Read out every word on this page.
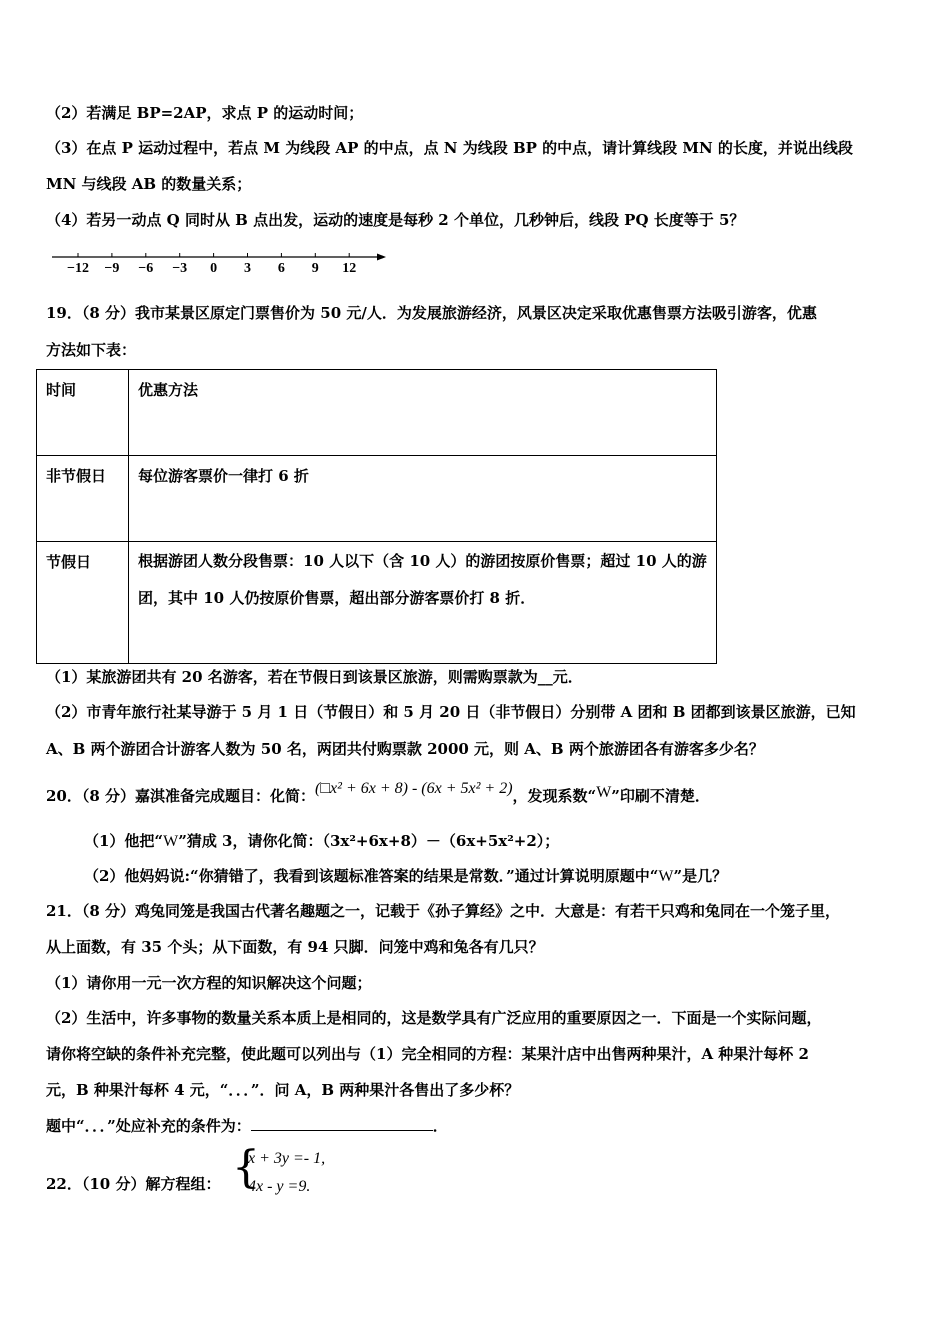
（2）若满足 BP=2AP，求点 P 的运动时间；
（3）在点 P 运动过程中，若点 M 为线段 AP 的中点，点 N 为线段 BP 的中点，请计算线段 MN 的长度，并说出线段
MN 与线段 AB 的数量关系；
（4）若另一动点 Q 同时从 B 点出发，运动的速度是每秒 2 个单位，几秒钟后，线段 PQ 长度等于 5？
−12 −9 −6 −3 0 3 6 9 12
19．（8 分）我市某景区原定门票售价为 50 元/人．为发展旅游经济，风景区决定采取优惠售票方法吸引游客，优惠
方法如下表：
时间	优惠方法
非节假日	每位游客票价一律打 6 折
节假日	根据游团人数分段售票：10 人以下（含 10 人）的游团按原价售票；超过 10 人的游团，其中 10 人仍按原价售票，超出部分游客票价打 8 折．
（1）某旅游团共有 20 名游客，若在节假日到该景区旅游，则需购票款为__元．
（2）市青年旅行社某导游于 5 月 1 日（节假日）和 5 月 20 日（非节假日）分别带 A 团和 B 团都到该景区旅游，已知
A、B 两个游团合计游客人数为 50 名，两团共付购票款 2000 元，则 A、B 两个旅游团各有游客多少名？
20．（8 分）嘉淇准备完成题目：化简：(□x² + 6x + 8) - (6x + 5x² + 2)，发现系数“W”印刷不清楚．
（1）他把“W”猜成 3，请你化简：（3x²+6x+8）－（6x+5x²+2）；
（2）他妈妈说:“你猜错了，我看到该题标准答案的结果是常数．”通过计算说明原题中“W”是几？
21．（8 分）鸡兔同笼是我国古代著名趣题之一，记载于《孙子算经》之中．大意是：有若干只鸡和兔同在一个笼子里，
从上面数，有 35 个头；从下面数，有 94 只脚．问笼中鸡和兔各有几只？
（1）请你用一元一次方程的知识解决这个问题；
（2）生活中，许多事物的数量关系本质上是相同的，这是数学具有广泛应用的重要原因之一．下面是一个实际问题，
请你将空缺的条件补充完整，使此题可以列出与（1）完全相同的方程：某果汁店中出售两种果汁，A 种果汁每杯 2
元，B 种果汁每杯 4 元，“．．．”．问 A，B 两种果汁各售出了多少杯？
题中“．．．”处应补充的条件为：	．
22．（10 分）解方程组： {
x + 3y =- 1,
4x - y =9.
